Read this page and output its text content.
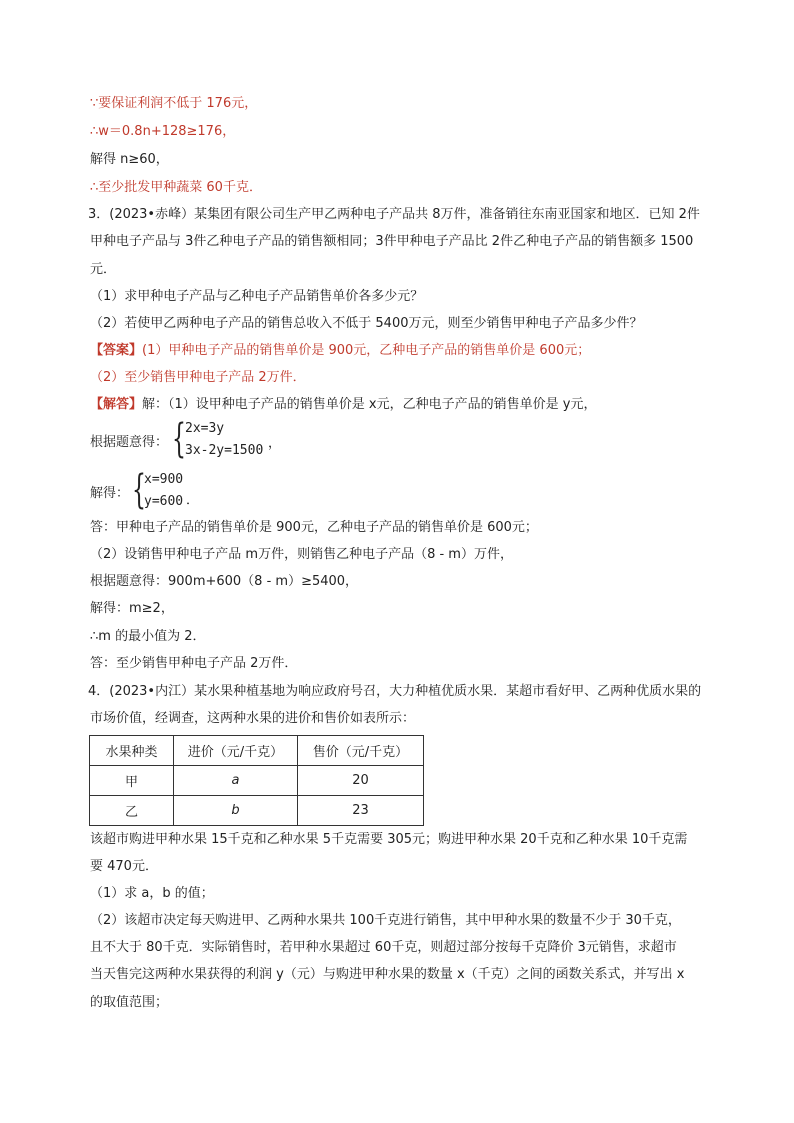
∵要保证利润不低于 176元，
∴w＝0.8n+128≥176，
解得 n≥60，
∴至少批发甲种蔬菜 60千克．
3．(2023•赤峰）某集团有限公司生产甲乙两种电子产品共 8万件，准备销往东南亚国家和地区．已知 2件
甲种电子产品与 3件乙种电子产品的销售额相同；3件甲种电子产品比 2件乙种电子产品的销售额多 1500
元．
（1）求甲种电子产品与乙种电子产品销售单价各多少元？
（2）若使甲乙两种电子产品的销售总收入不低于 5400万元，则至少销售甲种电子产品多少件？
【答案】(1）甲种电子产品的销售单价是 900元，乙种电子产品的销售单价是 600元；
（2）至少销售甲种电子产品 2万件．
【解答】解：（1）设甲种电子产品的销售单价是 x元，乙种电子产品的销售单价是 y元，
根据题意得： { 2x=3y
3x-2y=1500 ，
解得： {
x=900
y=600 ．
答：甲种电子产品的销售单价是 900元，乙种电子产品的销售单价是 600元；
（2）设销售甲种电子产品 m万件，则销售乙种电子产品（8 - m）万件，
根据题意得：900m+600（8 - m）≥5400，
解得：m≥2，
∴m 的最小值为 2．
答：至少销售甲种电子产品 2万件．
4．(2023•内江）某水果种植基地为响应政府号召，大力种植优质水果．某超市看好甲、乙两种优质水果的
市场价值，经调查，这两种水果的进价和售价如表所示：
水果种类	进价（元/千克）	售价（元/千克）
甲	a	20
乙	b	23
该超市购进甲种水果 15千克和乙种水果 5千克需要 305元；购进甲种水果 20千克和乙种水果 10千克需
要 470元．
（1）求 a，b 的值；
（2）该超市决定每天购进甲、乙两种水果共 100千克进行销售，其中甲种水果的数量不少于 30千克，
且不大于 80千克．实际销售时，若甲种水果超过 60千克，则超过部分按每千克降价 3元销售，求超市
当天售完这两种水果获得的利润 y（元）与购进甲种水果的数量 x（千克）之间的函数关系式，并写出 x
的取值范围；
